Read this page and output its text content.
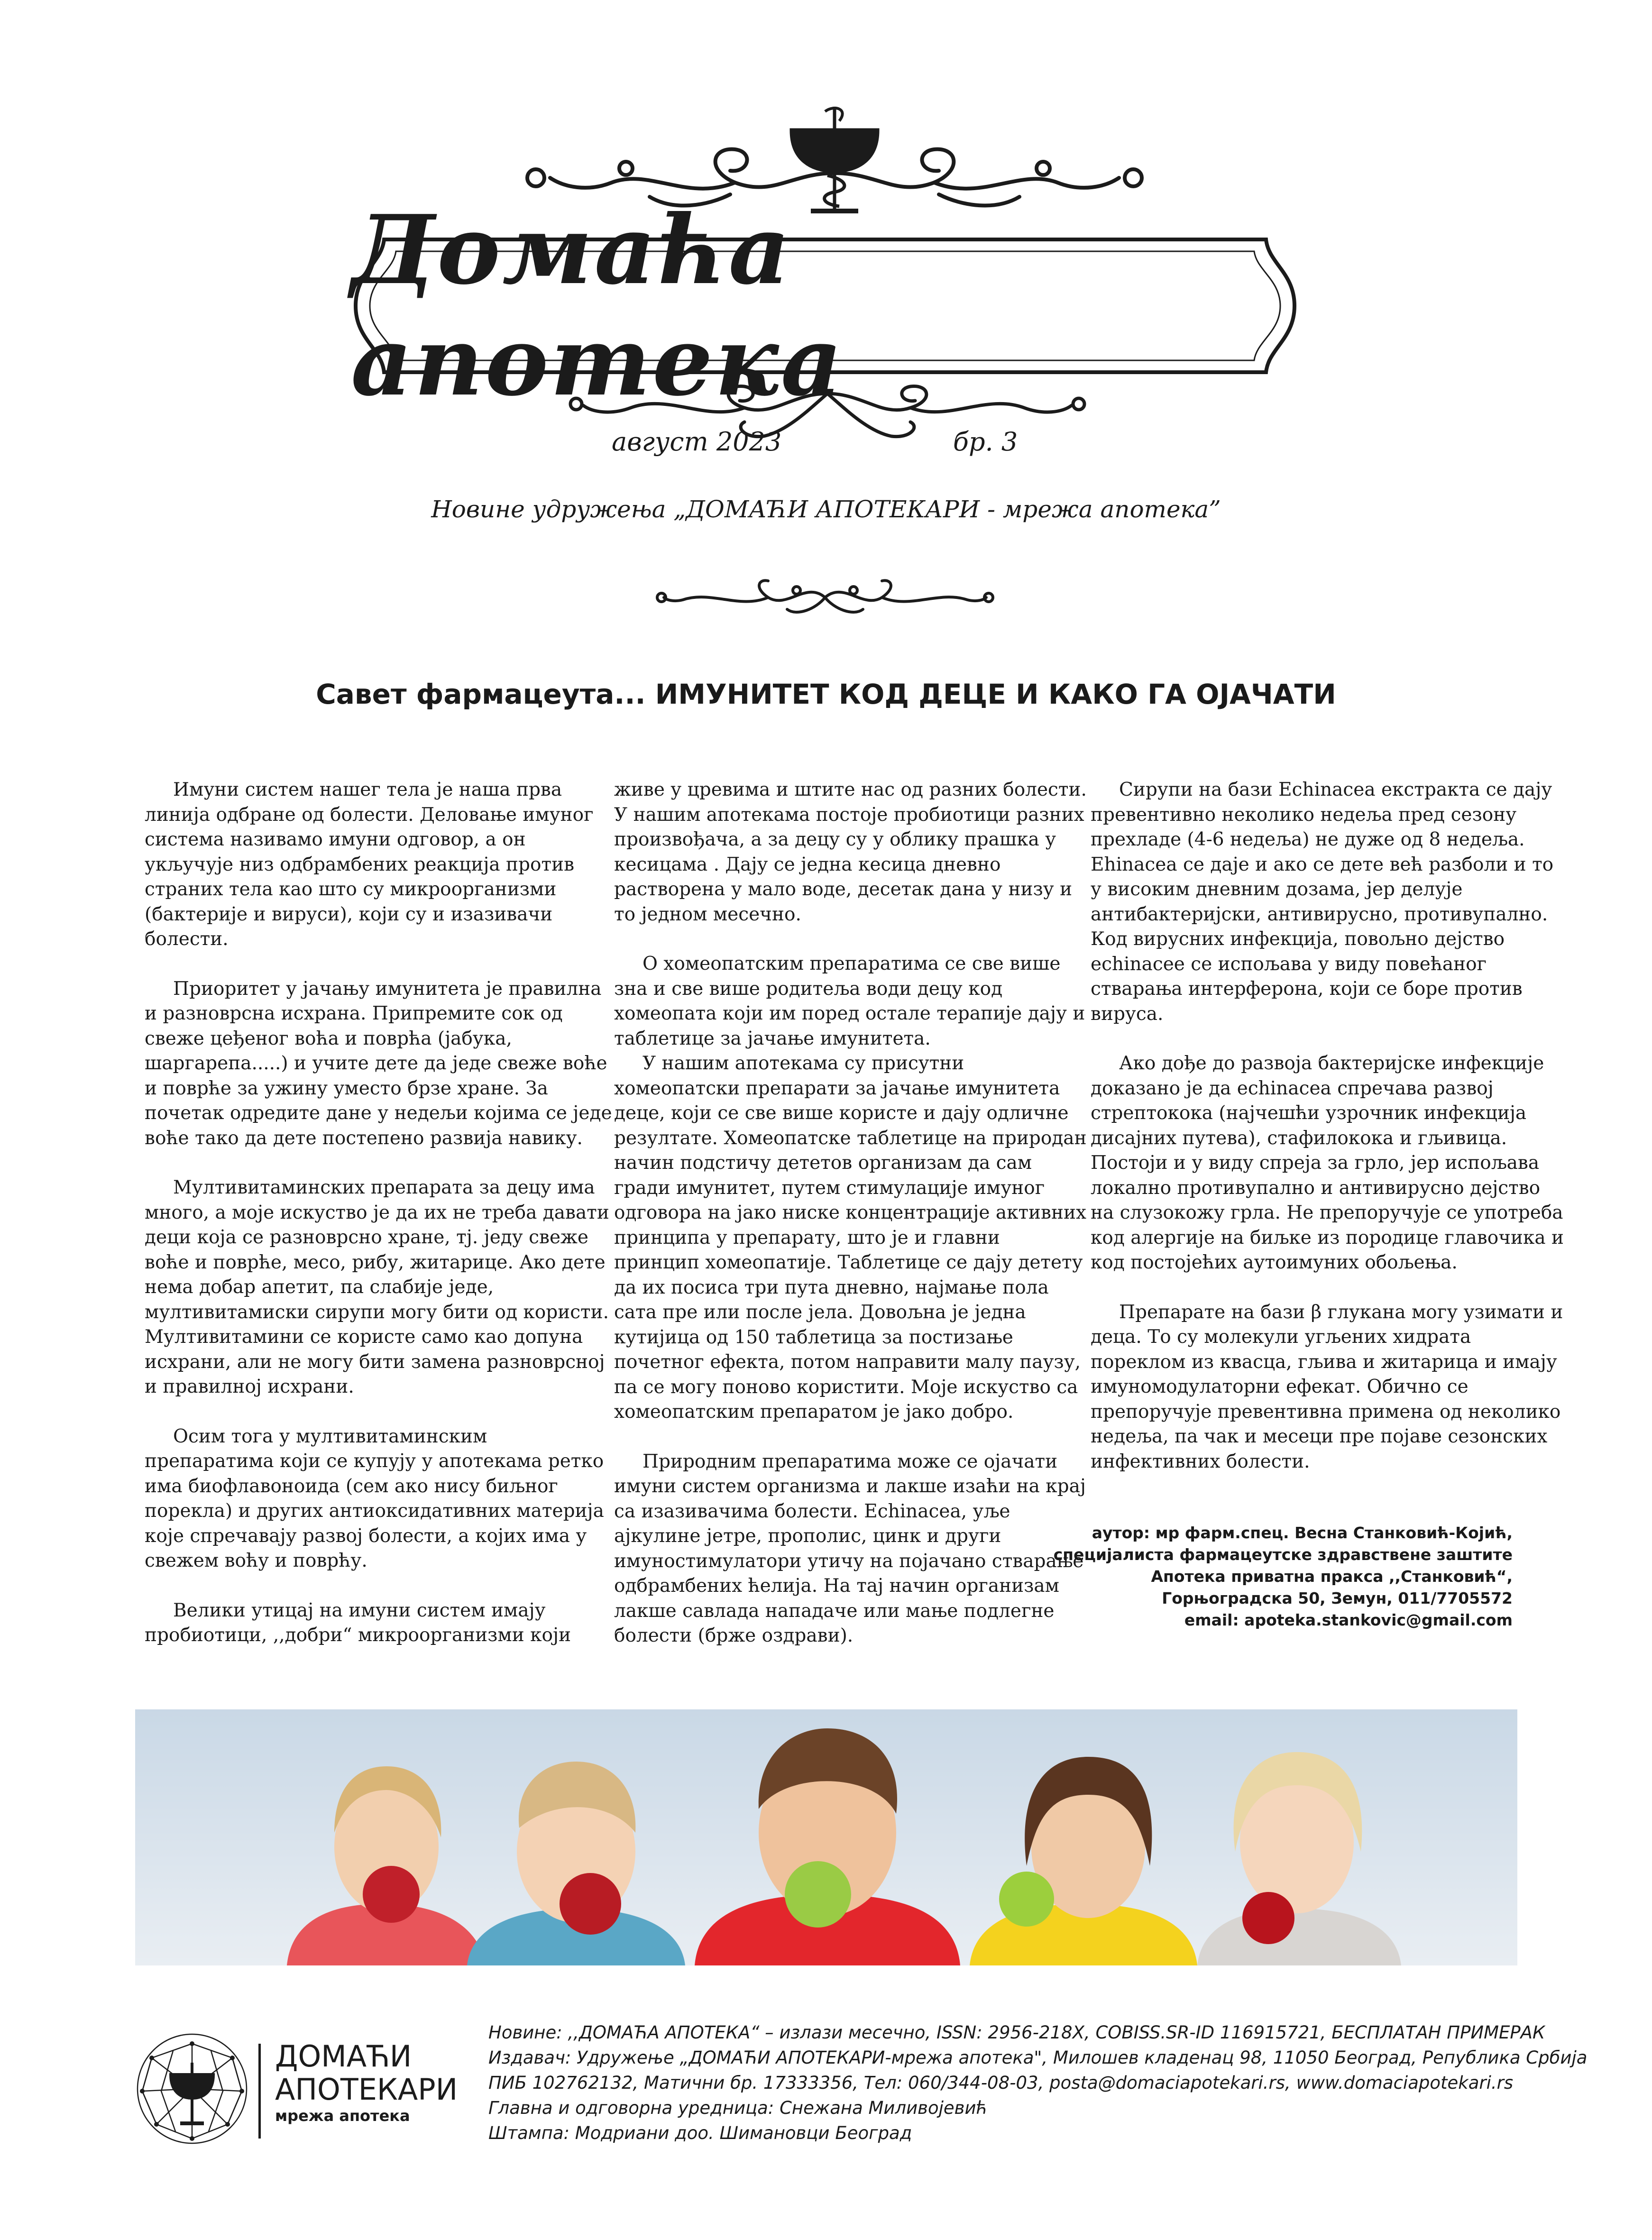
Домаћа апотека
август 2023	бр. 3
Новине удружења „ДОМАЋИ АПОТЕКАРИ - мрежа апотека”
Савет фармацеута... ИМУНИТЕТ КОД ДЕЦЕ И КАКО ГА ОЈАЧАТИ

Имуни систем нашег тела је наша прва линија одбране од болести. Деловање имуног система називамо имуни одговор, а он укључује низ одбрамбених реакција против страних тела као што су микроорганизми (бактерије и вируси), који су и изазивачи болести.

Приоритет у јачању имунитета је правилна и разноврсна исхрана. Припремите сок од свеже цеђеног воћа и поврћа (јабука, шаргарепа.....) и учите дете да једе свеже воће и поврће за ужину уместо брзе хране. За почетак одредите дане у недељи којима се једе воће тако да дете постепено развија навику.

Мултивитаминских препарата за децу има много, а моје искуство је да их не треба давати деци која се разноврсно хране, тј. једу свеже воће и поврће, месо, рибу, житарице. Ако дете нема добар апетит, па слабије једе, мултивитамиски сирупи могу бити од користи. Мултивитамини се користе само као допуна исхрани, али не могу бити замена разноврсној и правилној исхрани.

Осим тога у мултивитаминским препаратима који се купују у апотекама ретко има биофлавоноида (сем ако нису биљног порекла) и других антиоксидативних материја које спречавају развој болести, а којих има у свежем воћу и поврћу.

Велики утицај на имуни систем имају пробиотици, ,,добри“ микроорганизми који

живе у цревима и штите нас од разних болести. У нашим апотекама постоје пробиотици разних произвођача, а за децу су у облику прашка у кесицама . Дају се једна кесица дневно растворена у мало воде, десетак дана у низу и то једном месечно.

О хомеопатским препаратима се све више зна и све више родитеља води децу код хомеопата који им поред остале терапије дају и таблетице за јачање имунитета.

У нашим апотекама су присутни хомеопатски препарати за јачање имунитета деце, који се све више користе и дају одличне резултате. Хомеопатске таблетице на природан начин подстичу дететов организам да сам гради имунитет, путем стимулације имуног одговора на јако ниске концентрације активних принципа у препарату, што је и главни принцип хомеопатије. Таблетице се дају детету да их посиса три пута дневно, најмање пола сата пре или после јела. Довољна је једна кутијица од 150 таблетица за постизање почетног ефекта, потом направити малу паузу, па се могу поново користити. Моје искуство са хомеопатским препаратом је јако добро.

Природним препаратима може се ојачати имуни систем организма и лакше изаћи на крај са изазивачима болести. Echinacea, уље ајкулине јетре, прополис, цинк и други имуностимулатори утичу на појачано стварање одбрамбених ћелија. На тај начин организам лакше савлада нападаче или мање подлегне болести (брже оздрави).

Сирупи на бази Echinacea екстракта се дају превентивно неколико недеља пред сезону прехладе (4-6 недеља) не дуже од 8 недеља. Ehinacea се даје и ако се дете већ разболи и то у високим дневним дозама, јер делује антибактеријски, антивирусно, противупално. Код вирусних инфекција, повољно дејство echinacee се испољава у виду повећаног стварања интерферона, који се боре против вируса.

Ако дође до развоја бактеријске инфекције доказано је да echinacea спречава развој стрептокока (најчешћи узрочник инфекција дисајних путева), стафилокока и гљивица. Постоји и у виду спреја за грло, јер испољава локално противупално и антивирусно дејство на слузокожу грла. Не препоручује се употреба код алергије на биљке из породице главочика и код постојећих аутоимуних обољења.

Препарате на бази β глукана могу узимати и деца. То су молекули угљених хидрата пореклом из квасца, гљива и житарица и имају имуномодулаторни ефекат. Обично се препоручује превентивна примена од неколико недеља, па чак и месеци пре појаве сезонских инфективних болести.

аутор: мр фарм.спец. Весна Станковић-Којић,
специјалиста фармацеутске здравствене заштите
Апотека приватна пракса ,,Станковић“,
Горњоградска 50, Земун, 011/7705572
email: apoteka.stankovic@gmail.com
ДОМАЋИ
АПОТЕКАРИ
мрежа апотека
Новине: ,,ДОМАЋА АПОТЕКА“ – излази месечно, ISSN: 2956-218X, COBISS.SR-ID 116915721, БЕСПЛАТАН ПРИМЕРАК
Издавач: Удружење „ДОМАЋИ АПОТЕКАРИ-мрежа апотека", Милошев кладенац 98, 11050 Београд, Република Србија
ПИБ 102762132, Матични бр. 17333356, Тел: 060/344-08-03, posta@domaciapotekari.rs, www.domaciapotekari.rs
Главна и одговорна уредница: Снежана Миливојевић
Штампа: Модриани доо. Шимановци Београд
